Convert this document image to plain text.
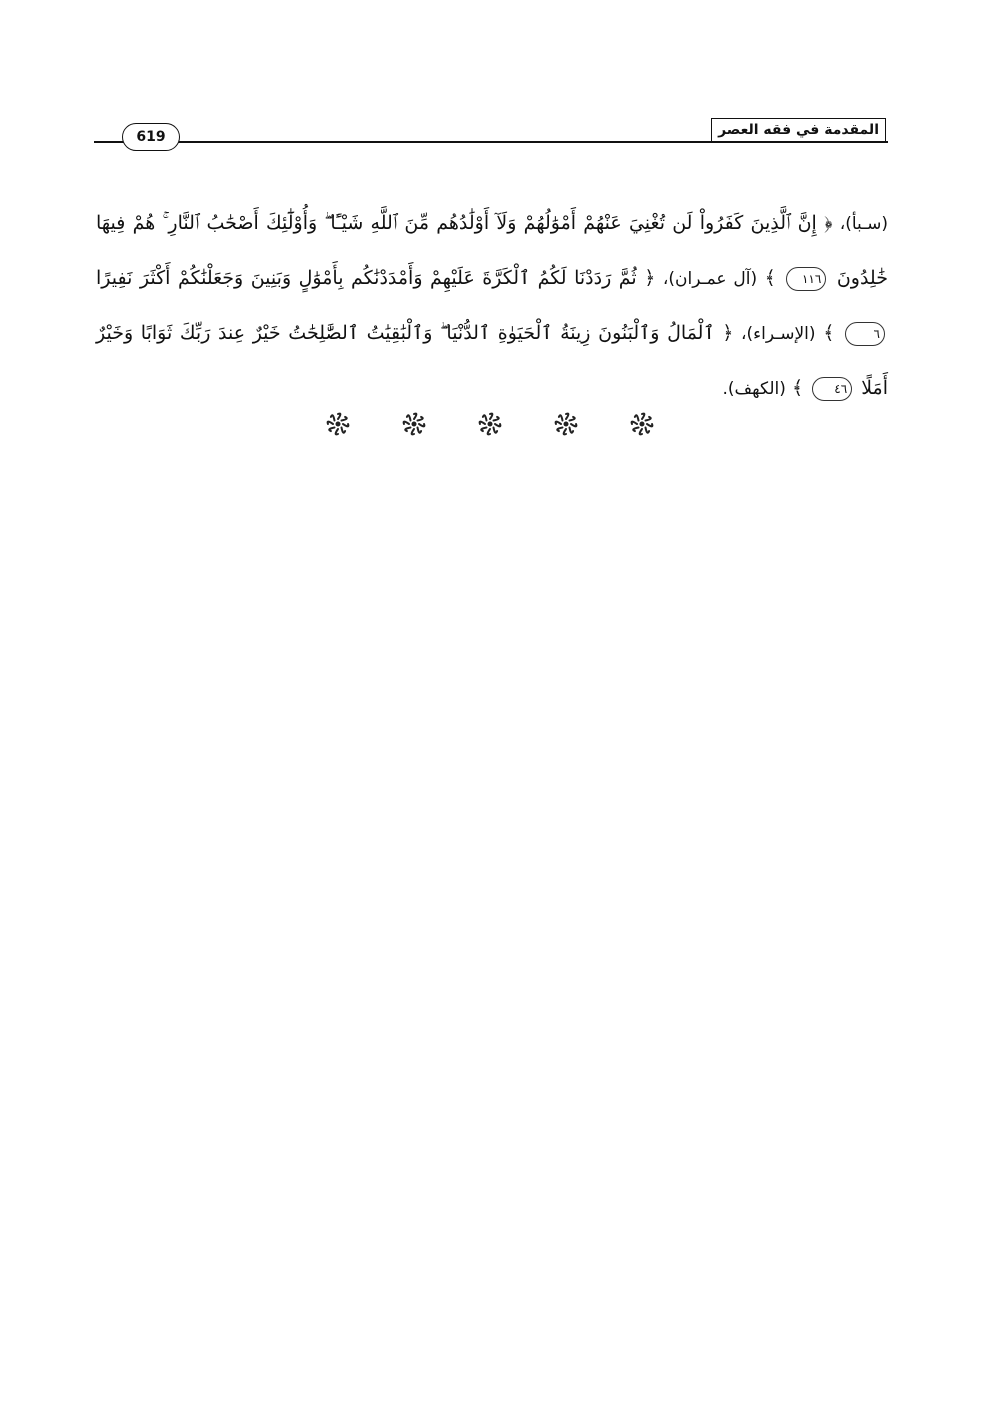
619	المقدمة في فقه العصر
(سـبأ)، ﴿ إِنَّ ٱلَّذِينَ كَفَرُواْ لَن تُغْنِيَ عَنْهُمْ أَمْوَٰلُهُمْ وَلَآ أَوْلَٰدُهُم مِّنَ ٱللَّهِ شَيْـًٔا ۖ وَأُوْلَٰٓئِكَ أَصْحَٰبُ ٱلنَّارِ ۚ هُمْ فِيهَا خَٰلِدُونَ ١١٦ ﴾ (آل عمـران)، ﴿ ثُمَّ رَدَدْنَا لَكُمُ ٱلْكَرَّةَ عَلَيْهِمْ وَأَمْدَدْنَٰكُم بِأَمْوَٰلٍ وَبَنِينَ وَجَعَلْنَٰكُمْ أَكْثَرَ نَفِيرًا ٦ ﴾ (الإسـراء)، ﴿ ٱلْمَالُ وَٱلْبَنُونَ زِينَةُ ٱلْحَيَوٰةِ ٱلدُّنْيَا ۖ وَٱلْبَٰقِيَٰتُ ٱلصَّٰلِحَٰتُ خَيْرٌ عِندَ رَبِّكَ ثَوَابًا وَخَيْرٌ أَمَلًا ٤٦ ﴾ (الكهف).
